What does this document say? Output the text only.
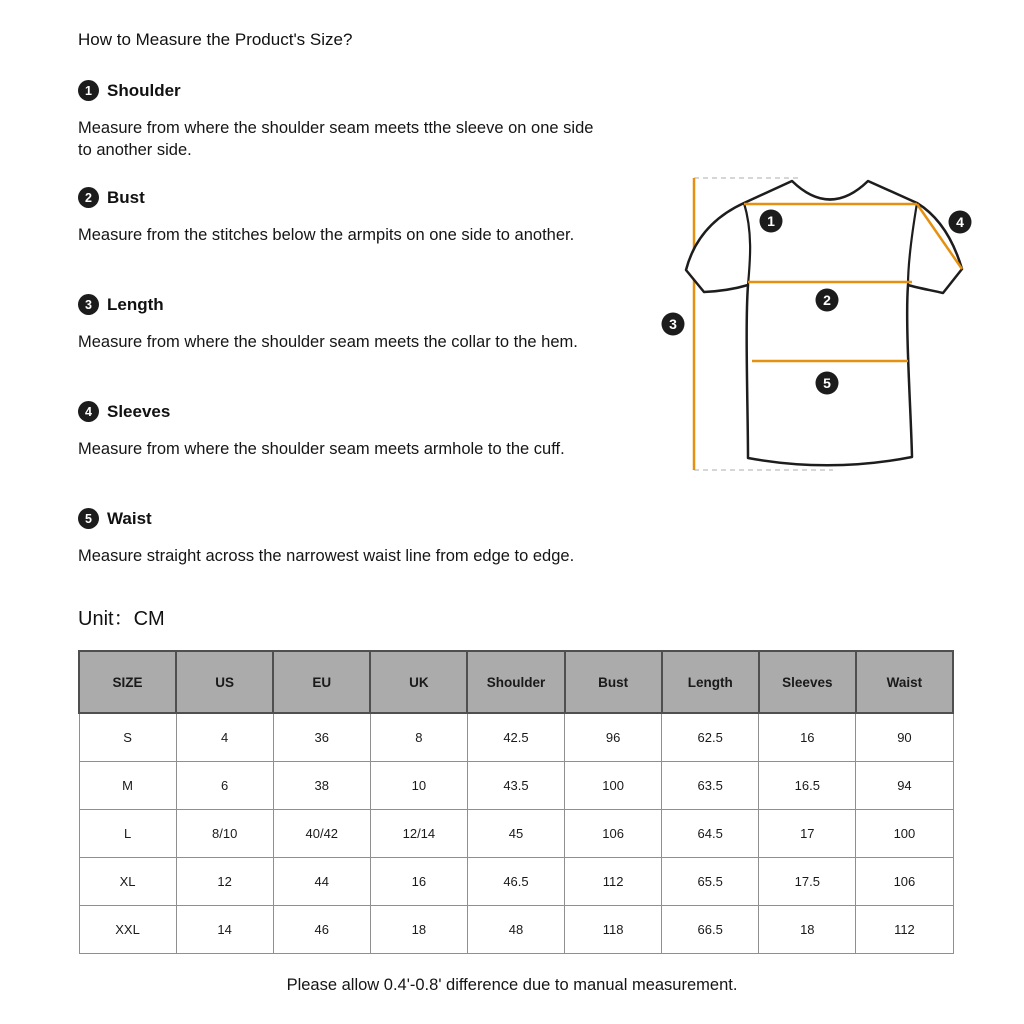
How to Measure the Product's Size?
1 Shoulder

Measure from where the shoulder seam meets tthe sleeve on one side to another side.

2 Bust

Measure from the stitches below the armpits on one side to another.

3 Length

Measure from where the shoulder seam meets the collar to the hem.

4 Sleeves

Measure from where the shoulder seam meets armhole to the cuff.

5 Waist

Measure straight across the narrowest waist line from edge to edge.

Unit：CM
1
2
3
4
5
SIZE	US	EU	UK	Shoulder	Bust	Length	Sleeves	Waist
S	4	36	8	42.5	96	62.5	16	90
M	6	38	10	43.5	100	63.5	16.5	94
L	8/10	40/42	12/14	45	106	64.5	17	100
XL	12	44	16	46.5	112	65.5	17.5	106
XXL	14	46	18	48	118	66.5	18	112

Please allow 0.4'-0.8' difference due to manual measurement.
